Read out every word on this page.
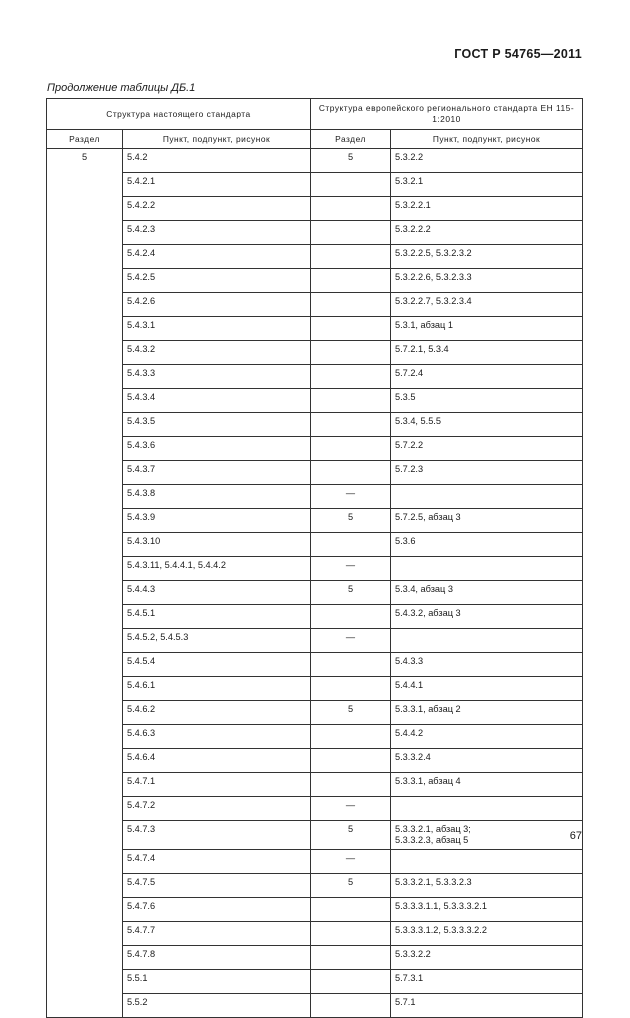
ГОСТ Р 54765—2011
Продолжение таблицы ДБ.1
Структура настоящего стандарта		Структура европейского регионального стандарта ЕН 115-1:2010	
Раздел	Пункт, подпункт, рисунок	Раздел	Пункт, подпункт, рисунок
5	5.4.2	5	5.3.2.2
	5.4.2.1		5.3.2.1
	5.4.2.2		5.3.2.2.1
	5.4.2.3		5.3.2.2.2
	5.4.2.4		5.3.2.2.5, 5.3.2.3.2
	5.4.2.5		5.3.2.2.6, 5.3.2.3.3
	5.4.2.6		5.3.2.2.7, 5.3.2.3.4
	5.4.3.1		5.3.1, абзац 1
	5.4.3.2		5.7.2.1, 5.3.4
	5.4.3.3		5.7.2.4
	5.4.3.4		5.3.5
	5.4.3.5		5.3.4, 5.5.5
	5.4.3.6		5.7.2.2
	5.4.3.7		5.7.2.3
	5.4.3.8	—	
	5.4.3.9	5	5.7.2.5, абзац 3
	5.4.3.10		5.3.6
	5.4.3.11, 5.4.4.1, 5.4.4.2	—	
	5.4.4.3	5	5.3.4, абзац 3
	5.4.5.1		5.4.3.2, абзац 3
	5.4.5.2, 5.4.5.3	—	
	5.4.5.4		5.4.3.3
	5.4.6.1		5.4.4.1
	5.4.6.2	5	5.3.3.1, абзац 2
	5.4.6.3		5.4.4.2
	5.4.6.4		5.3.3.2.4
	5.4.7.1		5.3.3.1, абзац 4
	5.4.7.2	—	
	5.4.7.3	5	5.3.3.2.1, абзац 3;
5.3.3.2.3, абзац 5

	5.4.7.4	—	
	5.4.7.5	5	5.3.3.2.1, 5.3.3.2.3
	5.4.7.6		5.3.3.3.1.1, 5.3.3.3.2.1
	5.4.7.7		5.3.3.3.1.2, 5.3.3.3.2.2
	5.4.7.8		5.3.3.2.2
	5.5.1		5.7.3.1
	5.5.2		5.7.1
67
